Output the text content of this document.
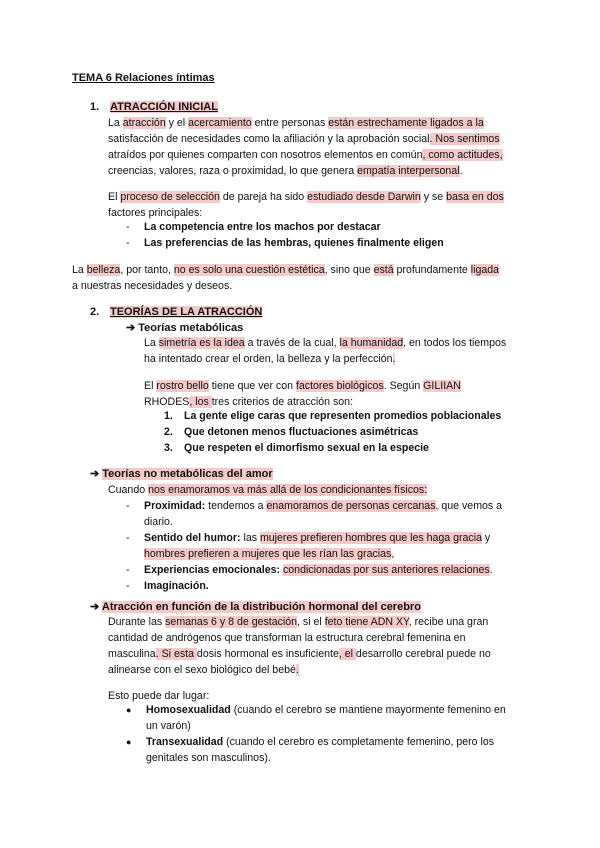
TEMA 6 Relaciones íntimas
1. ATRACCIÓN INICIAL
La atracción y el acercamiento entre personas están estrechamente ligados a la
satisfacción de necesidades como la afiliación y la aprobación social. Nos sentimos
atraídos por quienes comparten con nosotros elementos en común, como actitudes,
creencias, valores, raza o proximidad, lo que genera empatía interpersonal.
El proceso de selección de pareja ha sido estudiado desde Darwin y se basa en dos
factores principales:
- La competencia entre los machos por destacar
- Las preferencias de las hembras, quienes finalmente eligen
La belleza, por tanto, no es solo una cuestión estética, sino que está profundamente ligada
a nuestras necesidades y deseos.
2. TEORÍAS DE LA ATRACCIÓN
➔ Teorías metabólicas
La simetría es la idea a través de la cual, la humanidad, en todos los tiempos
ha intentado crear el orden, la belleza y la perfección.
El rostro bello tiene que ver con factores biológicos. Según GILIIAN
RHODES, los tres criterios de atracción son:
1. La gente elige caras que representen promedios poblacionales
2. Que detonen menos fluctuaciones asimétricas
3. Que respeten el dimorfismo sexual en la especie
➔ Teorías no metabólicas del amor
Cuando nos enamoramos va más allá de los condicionantes físicos:
- Proximidad: tendemos a enamoramos de personas cercanas, que vemos a
diario.
- Sentido del humor: las mujeres prefieren hombres que les haga gracia y
hombres prefieren a mujeres que les rían las gracias,
- Experiencias emocionales: condicionadas por sus anteriores relaciones.
- Imaginación.
➔ Atracción en función de la distribución hormonal del cerebro
Durante las semanas 6 y 8 de gestación, si el feto tiene ADN XY, recibe una gran
cantidad de andrógenos que transforman la estructura cerebral femenina en
masculina. Si esta dosis hormonal es insuficiente, el desarrollo cerebral puede no
alinearse con el sexo biológico del bebé.
Esto puede dar lugar:
● Homosexualidad (cuando el cerebro se mantiene mayormente femenino en
un varón)
● Transexualidad (cuando el cerebro es completamente femenino, pero los
genitales son masculinos).
